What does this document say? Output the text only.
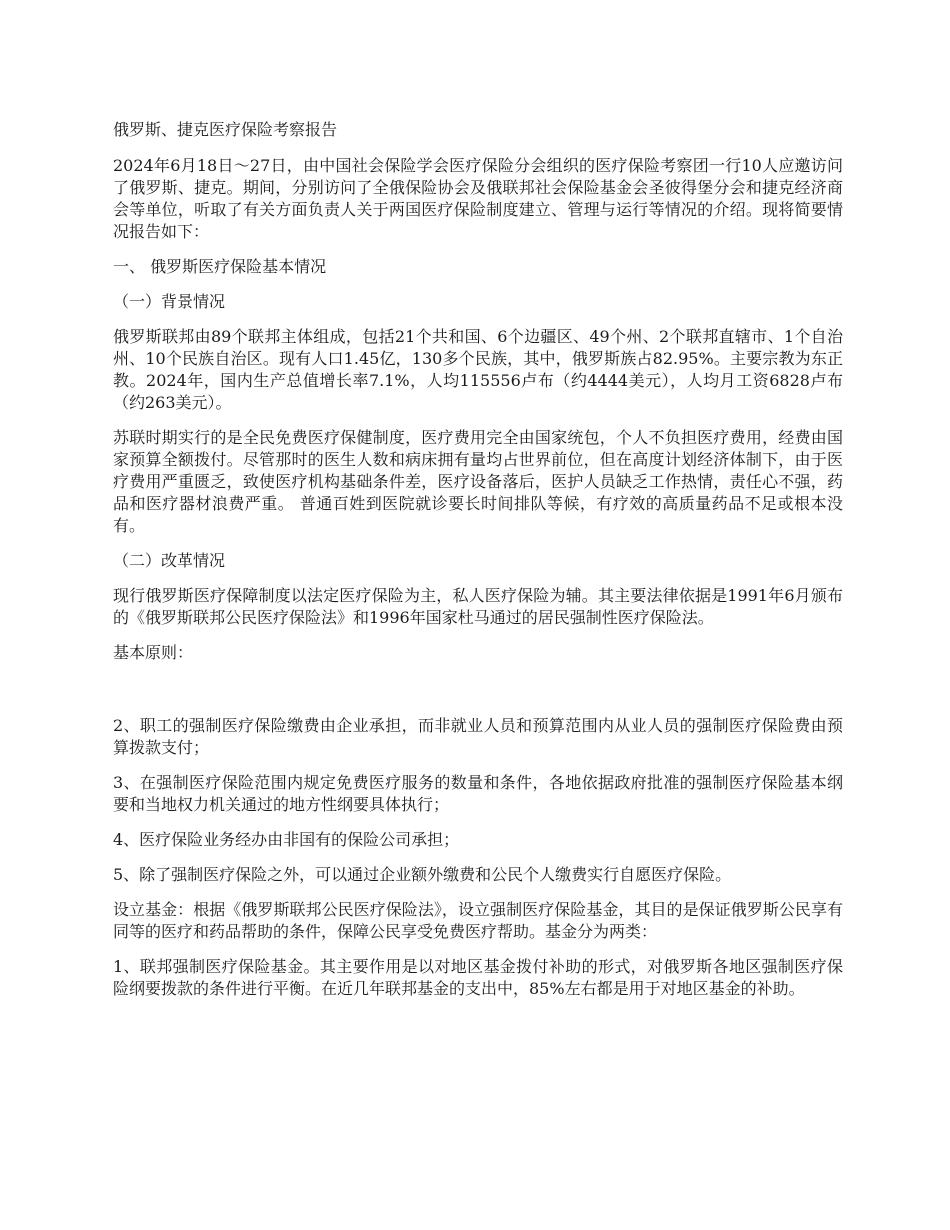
俄罗斯、捷克医疗保险考察报告

2024年6月18日～27日，由中国社会保险学会医疗保险分会组织的医疗保险考察团一行10人应邀访问了俄罗斯、捷克。期间，分别访问了全俄保险协会及俄联邦社会保险基金会圣彼得堡分会和捷克经济商会等单位，听取了有关方面负责人关于两国医疗保险制度建立、管理与运行等情况的介绍。现将简要情况报告如下：

一、 俄罗斯医疗保险基本情况

（一）背景情况

俄罗斯联邦由89个联邦主体组成，包括21个共和国、6个边疆区、49个州、2个联邦直辖市、1个自治州、10个民族自治区。现有人口1.45亿，130多个民族，其中，俄罗斯族占82.95%。主要宗教为东正教。2024年，国内生产总值增长率7.1%，人均115556卢布（约4444美元），人均月工资6828卢布（约263美元）。

苏联时期实行的是全民免费医疗保健制度，医疗费用完全由国家统包，个人不负担医疗费用，经费由国家预算全额拨付。尽管那时的医生人数和病床拥有量均占世界前位，但在高度计划经济体制下，由于医疗费用严重匮乏，致使医疗机构基础条件差，医疗设备落后，医护人员缺乏工作热情，责任心不强，药品和医疗器材浪费严重。 普通百姓到医院就诊要长时间排队等候，有疗效的高质量药品不足或根本没有。

（二）改革情况

现行俄罗斯医疗保障制度以法定医疗保险为主，私人医疗保险为辅。其主要法律依据是1991年6月颁布的《俄罗斯联邦公民医疗保险法》和1996年国家杜马通过的居民强制性医疗保险法。

基本原则：

2、职工的强制医疗保险缴费由企业承担，而非就业人员和预算范围内从业人员的强制医疗保险费由预算拨款支付；

3、在强制医疗保险范围内规定免费医疗服务的数量和条件，各地依据政府批准的强制医疗保险基本纲要和当地权力机关通过的地方性纲要具体执行；

4、医疗保险业务经办由非国有的保险公司承担；

5、除了强制医疗保险之外，可以通过企业额外缴费和公民个人缴费实行自愿医疗保险。

设立基金：根据《俄罗斯联邦公民医疗保险法》，设立强制医疗保险基金，其目的是保证俄罗斯公民享有同等的医疗和药品帮助的条件，保障公民享受免费医疗帮助。基金分为两类：

1、联邦强制医疗保险基金。其主要作用是以对地区基金拨付补助的形式，对俄罗斯各地区强制医疗保险纲要拨款的条件进行平衡。在近几年联邦基金的支出中，85%左右都是用于对地区基金的补助。
